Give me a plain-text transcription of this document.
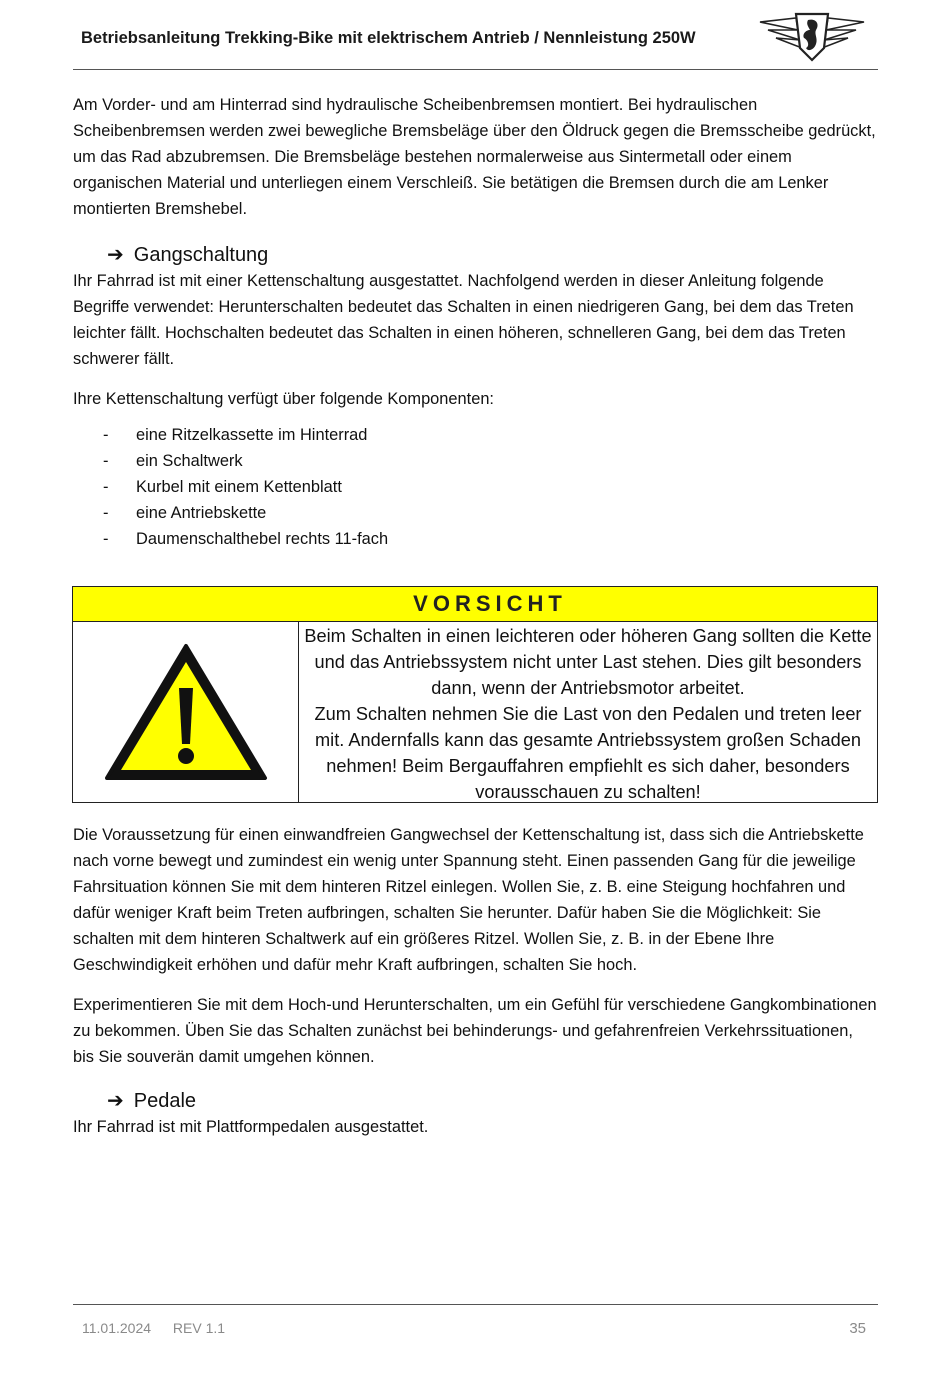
Betriebsanleitung Trekking-Bike mit elektrischem Antrieb / Nennleistung 250W

Am Vorder- und am Hinterrad sind hydraulische Scheibenbremsen montiert. Bei hydraulischen Scheibenbremsen werden zwei bewegliche Bremsbeläge über den Öldruck gegen die Bremsscheibe gedrückt, um das Rad abzubremsen. Die Bremsbeläge bestehen normalerweise aus Sintermetall oder einem organischen Material und unterliegen einem Verschleiß. Sie betätigen die Bremsen durch die am Lenker montierten Bremshebel.

➔ Gangschaltung

Ihr Fahrrad ist mit einer Kettenschaltung ausgestattet. Nachfolgend werden in dieser Anleitung folgende Begriffe verwendet: Herunterschalten bedeutet das Schalten in einen niedrigeren Gang, bei dem das Treten leichter fällt. Hochschalten bedeutet das Schalten in einen höheren, schnelleren Gang, bei dem das Treten schwerer fällt.

Ihre Kettenschaltung verfügt über folgende Komponenten:

- eine Ritzelkassette im Hinterrad
- ein Schaltwerk
- Kurbel mit einem Kettenblatt
- eine Antriebskette
- Daumenschalthebel rechts 11-fach
VORSICHT

Beim Schalten in einen leichteren oder höheren Gang sollten die Kette und das Antriebssystem nicht unter Last stehen. Dies gilt besonders dann, wenn der Antriebsmotor arbeitet.

Zum Schalten nehmen Sie die Last von den Pedalen und treten leer mit. Andernfalls kann das gesamte Antriebssystem großen Schaden nehmen! Beim Bergauffahren empfiehlt es sich daher, besonders vorausschauen zu schalten!

Die Voraussetzung für einen einwandfreien Gangwechsel der Kettenschaltung ist, dass sich die Antriebskette nach vorne bewegt und zumindest ein wenig unter Spannung steht. Einen passenden Gang für die jeweilige Fahrsituation können Sie mit dem hinteren Ritzel einlegen. Wollen Sie, z. B. eine Steigung hochfahren und dafür weniger Kraft beim Treten aufbringen, schalten Sie herunter. Dafür haben Sie die Möglichkeit: Sie schalten mit dem hinteren Schaltwerk auf ein größeres Ritzel. Wollen Sie, z. B. in der Ebene Ihre Geschwindigkeit erhöhen und dafür mehr Kraft aufbringen, schalten Sie hoch.

Experimentieren Sie mit dem Hoch-und Herunterschalten, um ein Gefühl für verschiedene Gangkombinationen zu bekommen. Üben Sie das Schalten zunächst bei behinderungs- und gefahrenfreien Verkehrssituationen, bis Sie souverän damit umgehen können.

➔ Pedale

Ihr Fahrrad ist mit Plattformpedalen ausgestattet.

11.01.2024 REV 1.1	35
